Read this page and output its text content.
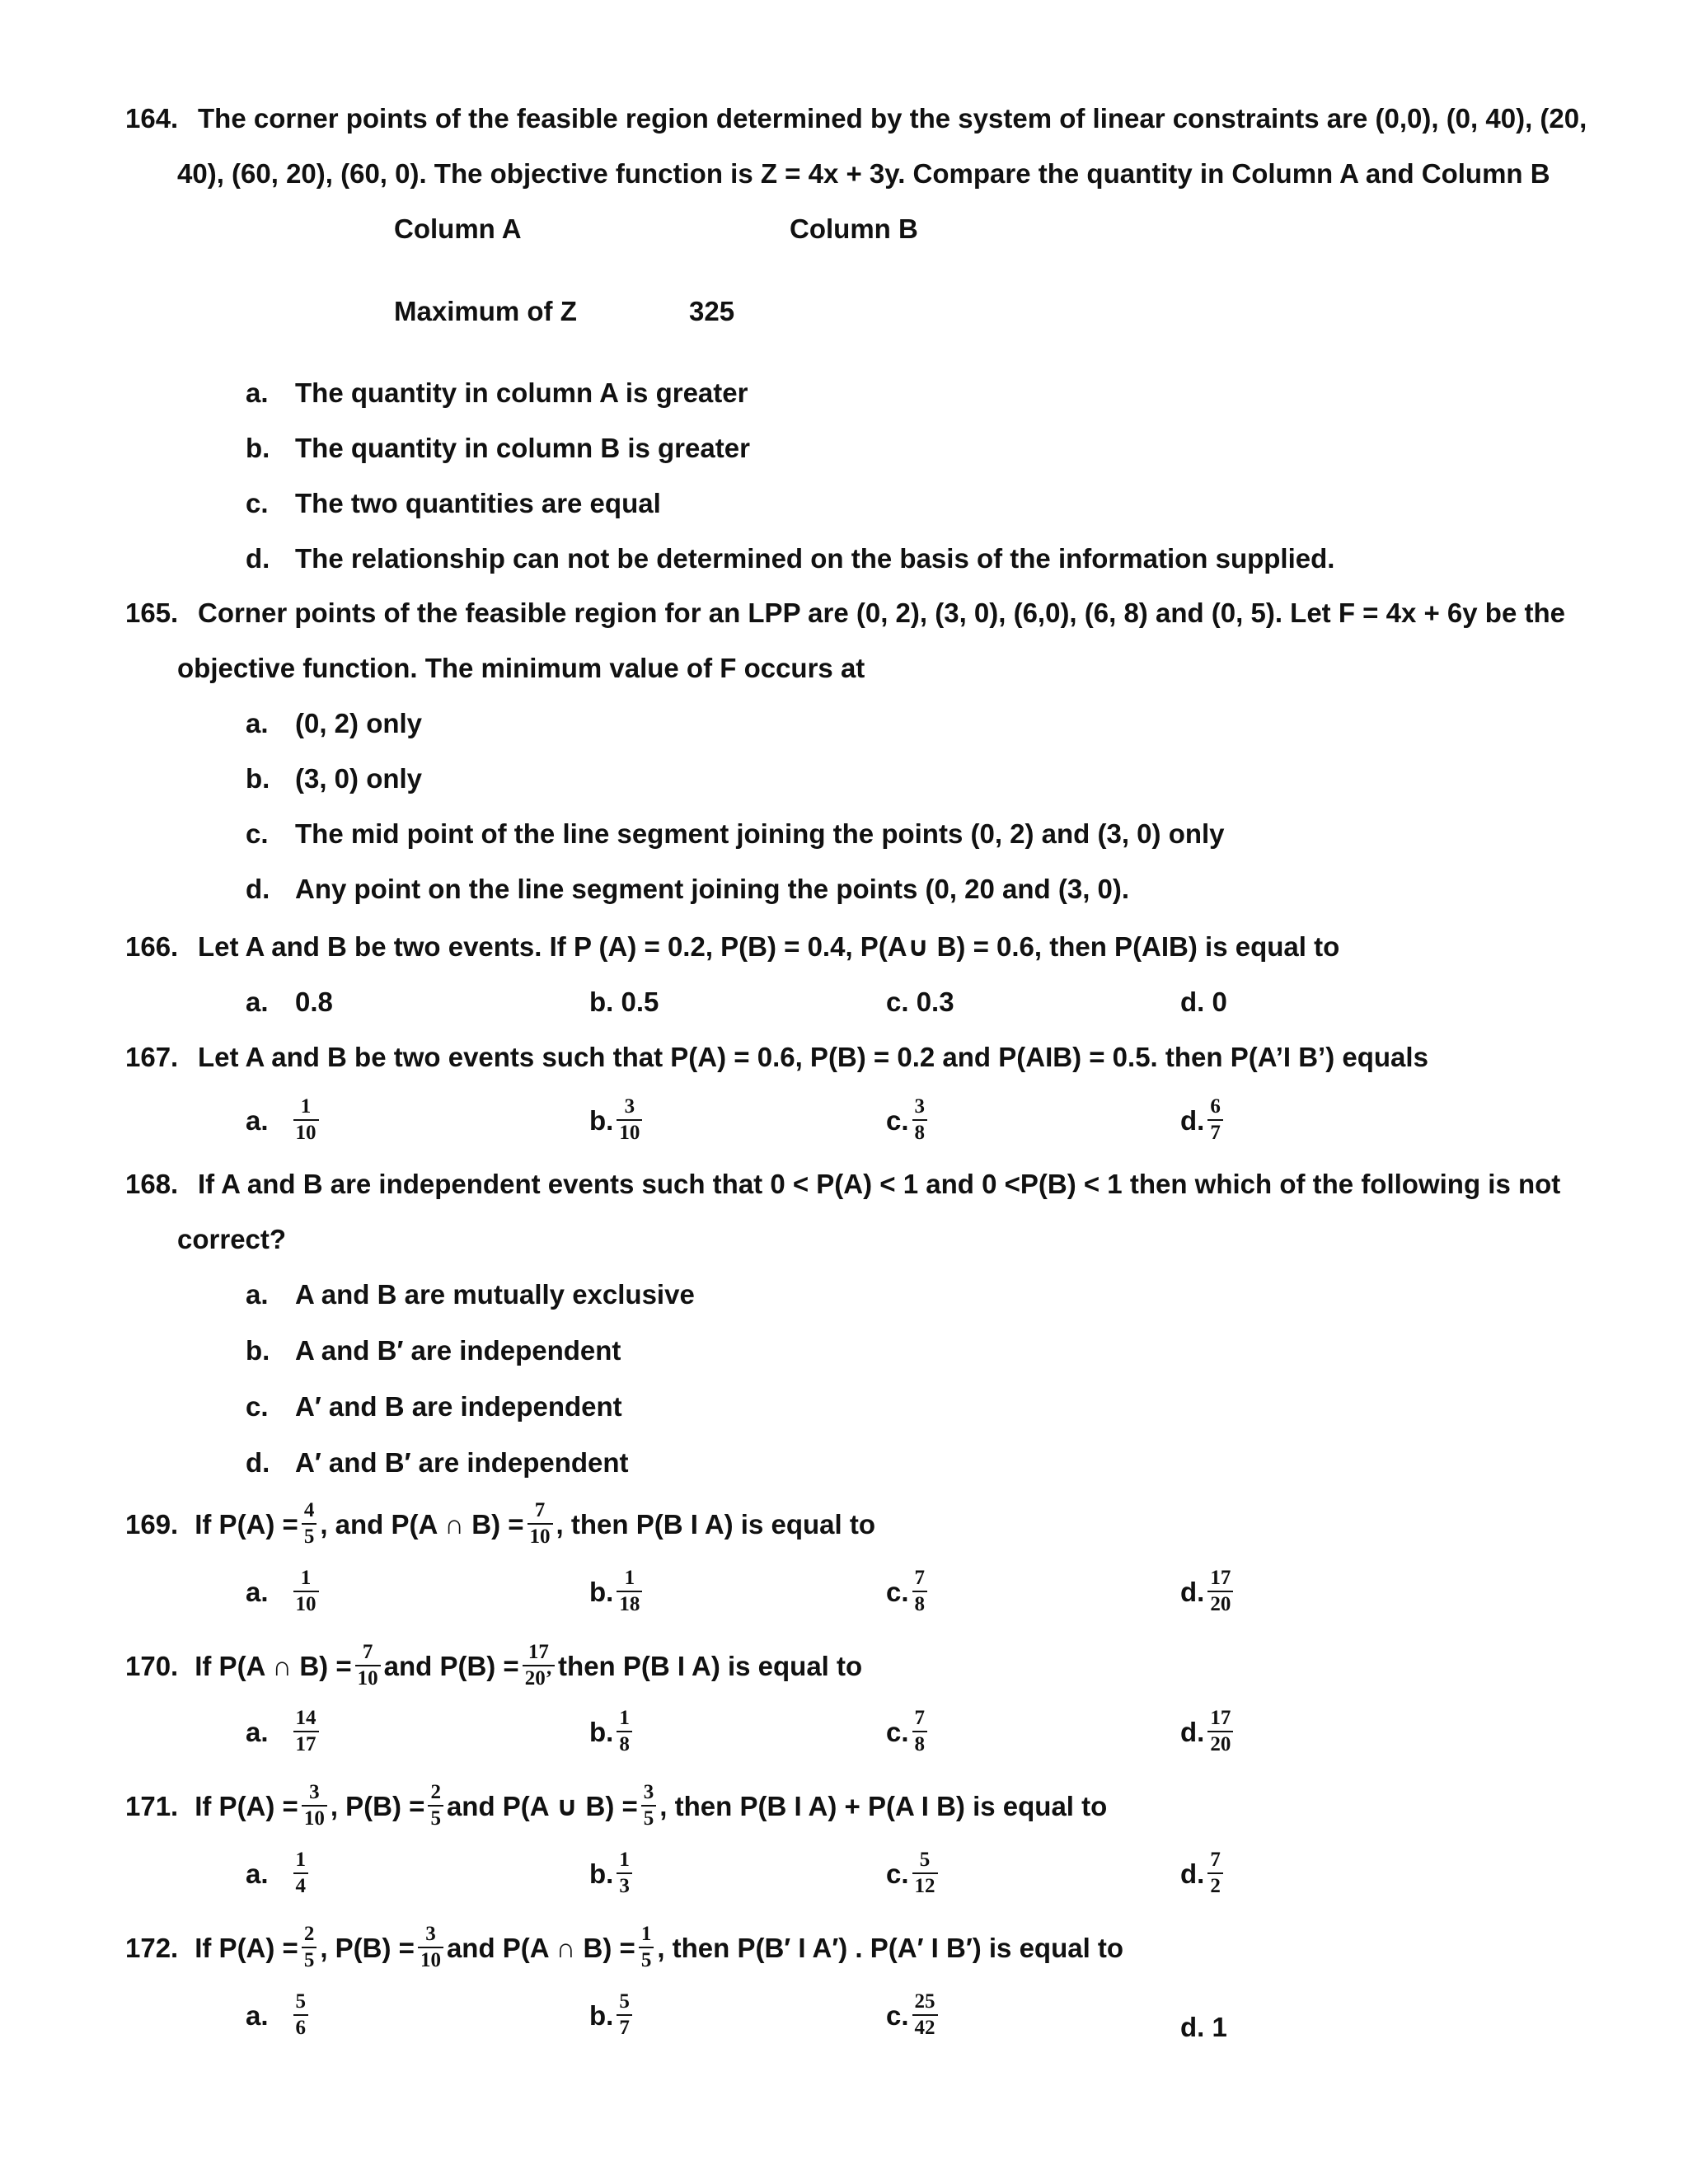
164. The corner points of the feasible region determined by the system of linear constraints are (0,0), (0, 40), (20,
40), (60, 20), (60, 0). The objective function is Z = 4x + 3y. Compare the quantity in Column A and Column B
Column A	Column B
Maximum of Z	325
a. The quantity in column A is greater
b. The quantity in column B is greater
c. The two quantities are equal
d. The relationship can not be determined on the basis of the information supplied.
165. Corner points of the feasible region for an LPP are (0, 2), (3, 0), (6,0), (6, 8) and (0, 5). Let F = 4x + 6y be the
objective function. The minimum value of F occurs at
a. (0, 2) only
b. (3, 0) only
c. The mid point of the line segment joining the points (0, 2) and (3, 0) only
d. Any point on the line segment joining the points (0, 20 and (3, 0).
166. Let A and B be two events. If P (A) = 0.2, P(B) = 0.4, P(A∪ B) = 0.6, then P(AIB) is equal to
a. 0.8	b. 0.5	c. 0.3	d. 0
167. Let A and B be two events such that P(A) = 0.6, P(B) = 0.2 and P(AIB) = 0.5. then P(A’I B’) equals
a. $\frac{1}{10}$	b. $\frac{3}{10}$	c. $\frac{3}{8}$	d. $\frac{6}{7}$
168. If A and B are independent events such that 0 < P(A) < 1 and 0 <P(B) < 1 then which of the following is not
correct?
a. A and B are mutually exclusive
b. A and B′ are independent
c. A′ and B are independent
d. A′ and B′ are independent
169. If $P(A) = \frac{4}{5}$ , and P(A ∩ $B) = \frac{7}{10}$ , then P(B I A) is equal to
a. $\frac{1}{10}$	b. $\frac{1}{18}$	c. $\frac{7}{8}$	d. $\frac{17}{20}$
170. If P(A ∩ $B) = \frac{7}{10}$ and $P(B) = \frac{17}{20’}$ then P(B I A) is equal to
a. $\frac{14}{17}$	b. $\frac{1}{8}$	c. $\frac{7}{8}$	d. $\frac{17}{20}$
171. If $P(A) = \frac{3}{10}$ , $P(B) = \frac{2}{5}$ and P(A ∪ $B) = \frac{3}{5}$ , then P(B I A) + P(A I B) is equal to
a. $\frac{1}{4}$	b. $\frac{1}{3}$	c. $\frac{5}{12}$	d. $\frac{7}{2}$
172. If $P(A) = \frac{2}{5}$ , $P(B) = \frac{3}{10}$ and P(A ∩ $B) = \frac{1}{5}$ , then P(B′ I A′) . P(A′ I B′) is equal to
a. $\frac{5}{6}$	b. $\frac{5}{7}$	c. $\frac{25}{42}$	d. 1
